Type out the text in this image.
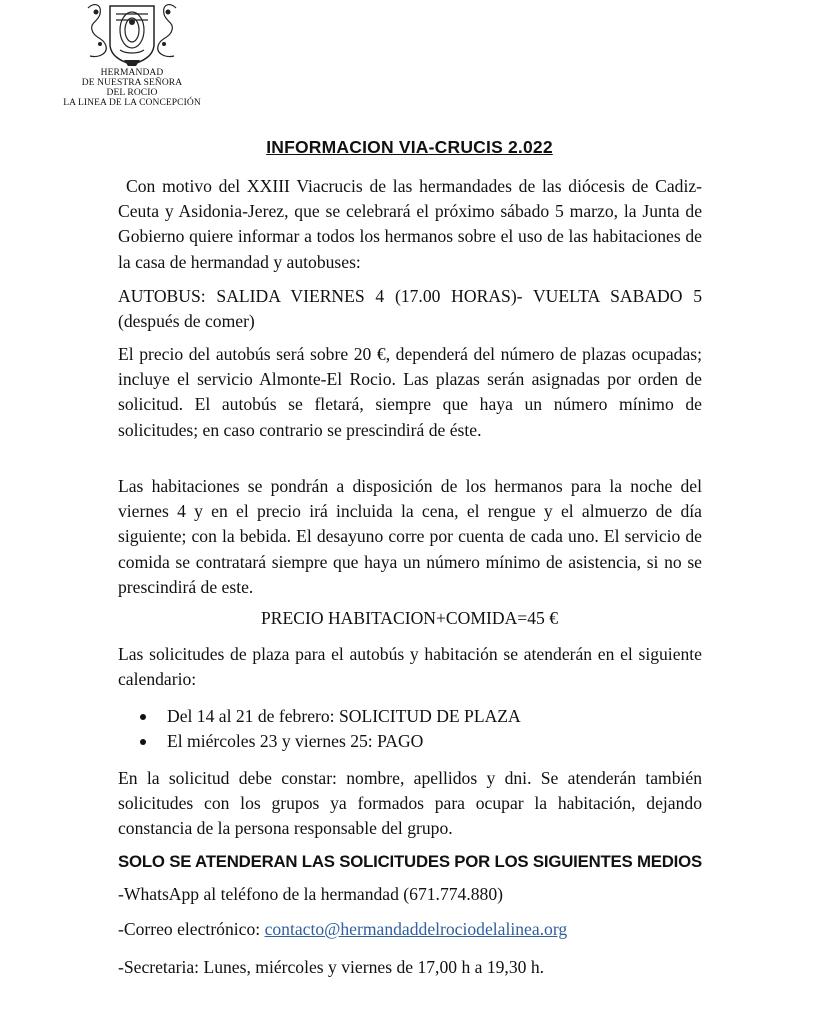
HERMANDAD
DE NUESTRA SEÑORA
DEL ROCIO
LA LINEA DE LA CONCEPCIÓN
INFORMACION VIA-CRUCIS 2.022

Con motivo del XXIII Viacrucis de las hermandades de las diócesis de Cadiz-Ceuta y Asidonia-Jerez, que se celebrará el próximo sábado 5 marzo, la Junta de Gobierno quiere informar a todos los hermanos sobre el uso de las habitaciones de la casa de hermandad y autobuses:

AUTOBUS: SALIDA VIERNES 4 (17.00 HORAS)- VUELTA SABADO 5 (después de comer)

El precio del autobús será sobre 20 €, dependerá del número de plazas ocupadas; incluye el servicio Almonte-El Rocio. Las plazas serán asignadas por orden de solicitud. El autobús se fletará, siempre que haya un número mínimo de solicitudes; en caso contrario se prescindirá de éste.

Las habitaciones se pondrán a disposición de los hermanos para la noche del viernes 4 y en el precio irá incluida la cena, el rengue y el almuerzo de día siguiente; con la bebida. El desayuno corre por cuenta de cada uno. El servicio de comida se contratará siempre que haya un número mínimo de asistencia, si no se prescindirá de este.

PRECIO HABITACION+COMIDA=45 €

Las solicitudes de plaza para el autobús y habitación se atenderán en el siguiente calendario:

Del 14 al 21 de febrero: SOLICITUD DE PLAZA
El miércoles 23 y viernes 25: PAGO

En la solicitud debe constar: nombre, apellidos y dni. Se atenderán también solicitudes con los grupos ya formados para ocupar la habitación, dejando constancia de la persona responsable del grupo.

SOLO SE ATENDERAN LAS SOLICITUDES POR LOS SIGUIENTES MEDIOS

-WhatsApp al teléfono de la hermandad (671.774.880)

-Correo electrónico: contacto@hermandaddelrociodelalinea.org

-Secretaria: Lunes, miércoles y viernes de 17,00 h a 19,30 h.
